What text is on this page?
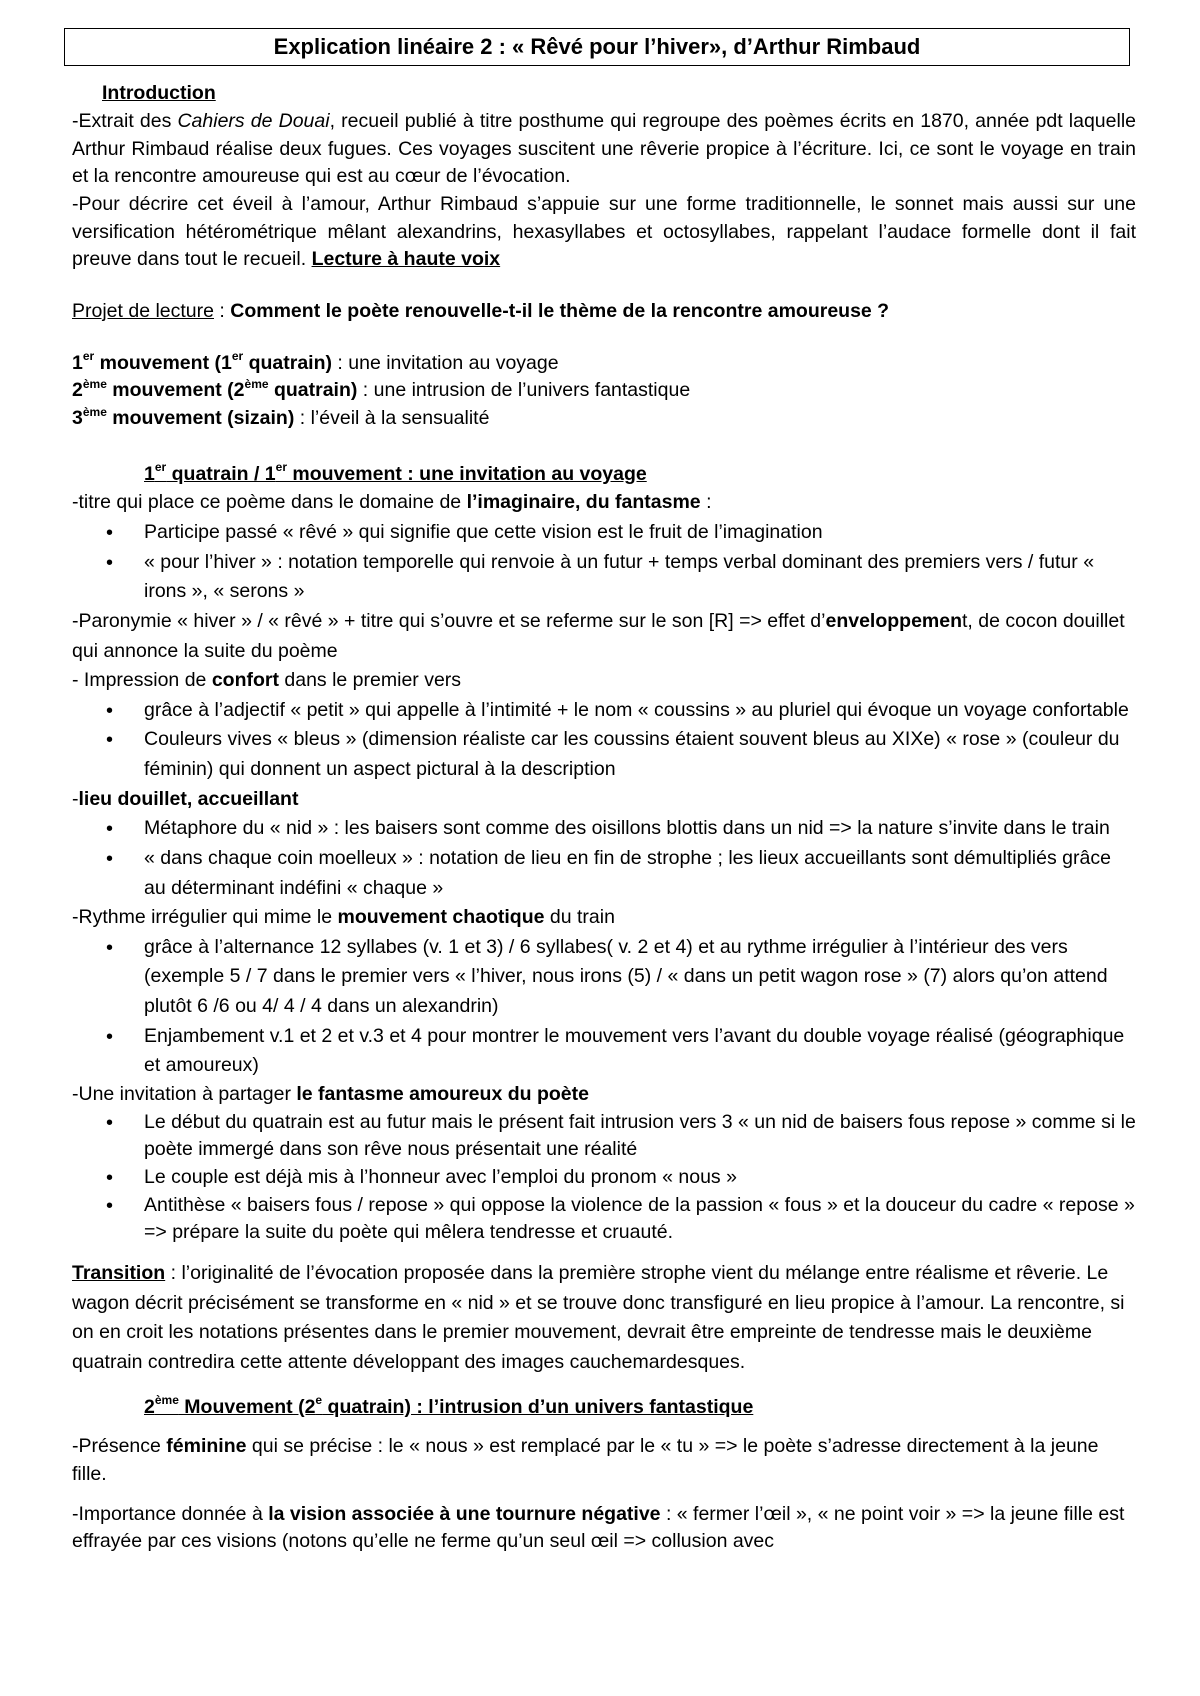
Explication linéaire 2 : « Rêvé pour l’hiver», d’Arthur Rimbaud
Introduction

-Extrait des Cahiers de Douai, recueil publié à titre posthume qui regroupe des poèmes écrits en 1870, année pdt laquelle Arthur Rimbaud réalise deux fugues. Ces voyages suscitent une rêverie propice à l’écriture. Ici, ce sont le voyage en train et la rencontre amoureuse qui est au cœur de l’évocation.

-Pour décrire cet éveil à l’amour, Arthur Rimbaud s’appuie sur une forme traditionnelle, le sonnet mais aussi sur une versification hétérométrique mêlant alexandrins, hexasyllabes et octosyllabes, rappelant l’audace formelle dont il fait preuve dans tout le recueil. Lecture à haute voix

Projet de lecture : Comment le poète renouvelle-t-il le thème de la rencontre amoureuse ?

1er mouvement (1er quatrain) : une invitation au voyage

2ème mouvement (2ème quatrain) : une intrusion de l’univers fantastique

3ème mouvement (sizain) : l’éveil à la sensualité

1er quatrain / 1er mouvement : une invitation au voyage

-titre qui place ce poème dans le domaine de l’imaginaire, du fantasme :

• Participe passé « rêvé » qui signifie que cette vision est le fruit de l’imagination
• « pour l’hiver » : notation temporelle qui renvoie à un futur + temps verbal dominant des premiers vers / futur « irons », « serons »

-Paronymie « hiver » / « rêvé » + titre qui s’ouvre et se referme sur le son [R] => effet d’enveloppement, de cocon douillet qui annonce la suite du poème

- Impression de confort dans le premier vers

• grâce à l’adjectif « petit » qui appelle à l’intimité + le nom « coussins » au pluriel qui évoque un voyage confortable
• Couleurs vives « bleus » (dimension réaliste car les coussins étaient souvent bleus au XIXe) « rose » (couleur du féminin) qui donnent un aspect pictural à la description

-lieu douillet, accueillant

• Métaphore du « nid » : les baisers sont comme des oisillons blottis dans un nid => la nature s’invite dans le train
• « dans chaque coin moelleux » : notation de lieu en fin de strophe ; les lieux accueillants sont démultipliés grâce au déterminant indéfini « chaque »

-Rythme irrégulier qui mime le mouvement chaotique du train

• grâce à l’alternance 12 syllabes (v. 1 et 3) / 6 syllabes( v. 2 et 4) et au rythme irrégulier à l’intérieur des vers (exemple 5 / 7 dans le premier vers « l’hiver, nous irons (5) / « dans un petit wagon rose » (7) alors qu’on attend plutôt 6 /6 ou 4/ 4 / 4 dans un alexandrin)
• Enjambement v.1 et 2 et v.3 et 4 pour montrer le mouvement vers l’avant du double voyage réalisé (géographique et amoureux)

-Une invitation à partager le fantasme amoureux du poète

• Le début du quatrain est au futur mais le présent fait intrusion vers 3 « un nid de baisers fous repose » comme si le poète immergé dans son rêve nous présentait une réalité
• Le couple est déjà mis à l’honneur avec l’emploi du pronom « nous »
• Antithèse « baisers fous / repose » qui oppose la violence de la passion « fous » et la douceur du cadre « repose » => prépare la suite du poète qui mêlera tendresse et cruauté.

Transition : l’originalité de l’évocation proposée dans la première strophe vient du mélange entre réalisme et rêverie. Le wagon décrit précisément se transforme en « nid » et se trouve donc transfiguré en lieu propice à l’amour. La rencontre, si on en croit les notations présentes dans le premier mouvement, devrait être empreinte de tendresse mais le deuxième quatrain contredira cette attente développant des images cauchemardesques.

2ème Mouvement (2e quatrain) : l’intrusion d’un univers fantastique

-Présence féminine qui se précise : le « nous » est remplacé par le « tu » => le poète s’adresse directement à la jeune fille.

-Importance donnée à la vision associée à une tournure négative : « fermer l’œil », « ne point voir » => la jeune fille est effrayée par ces visions (notons qu’elle ne ferme qu’un seul œil => collusion avec
